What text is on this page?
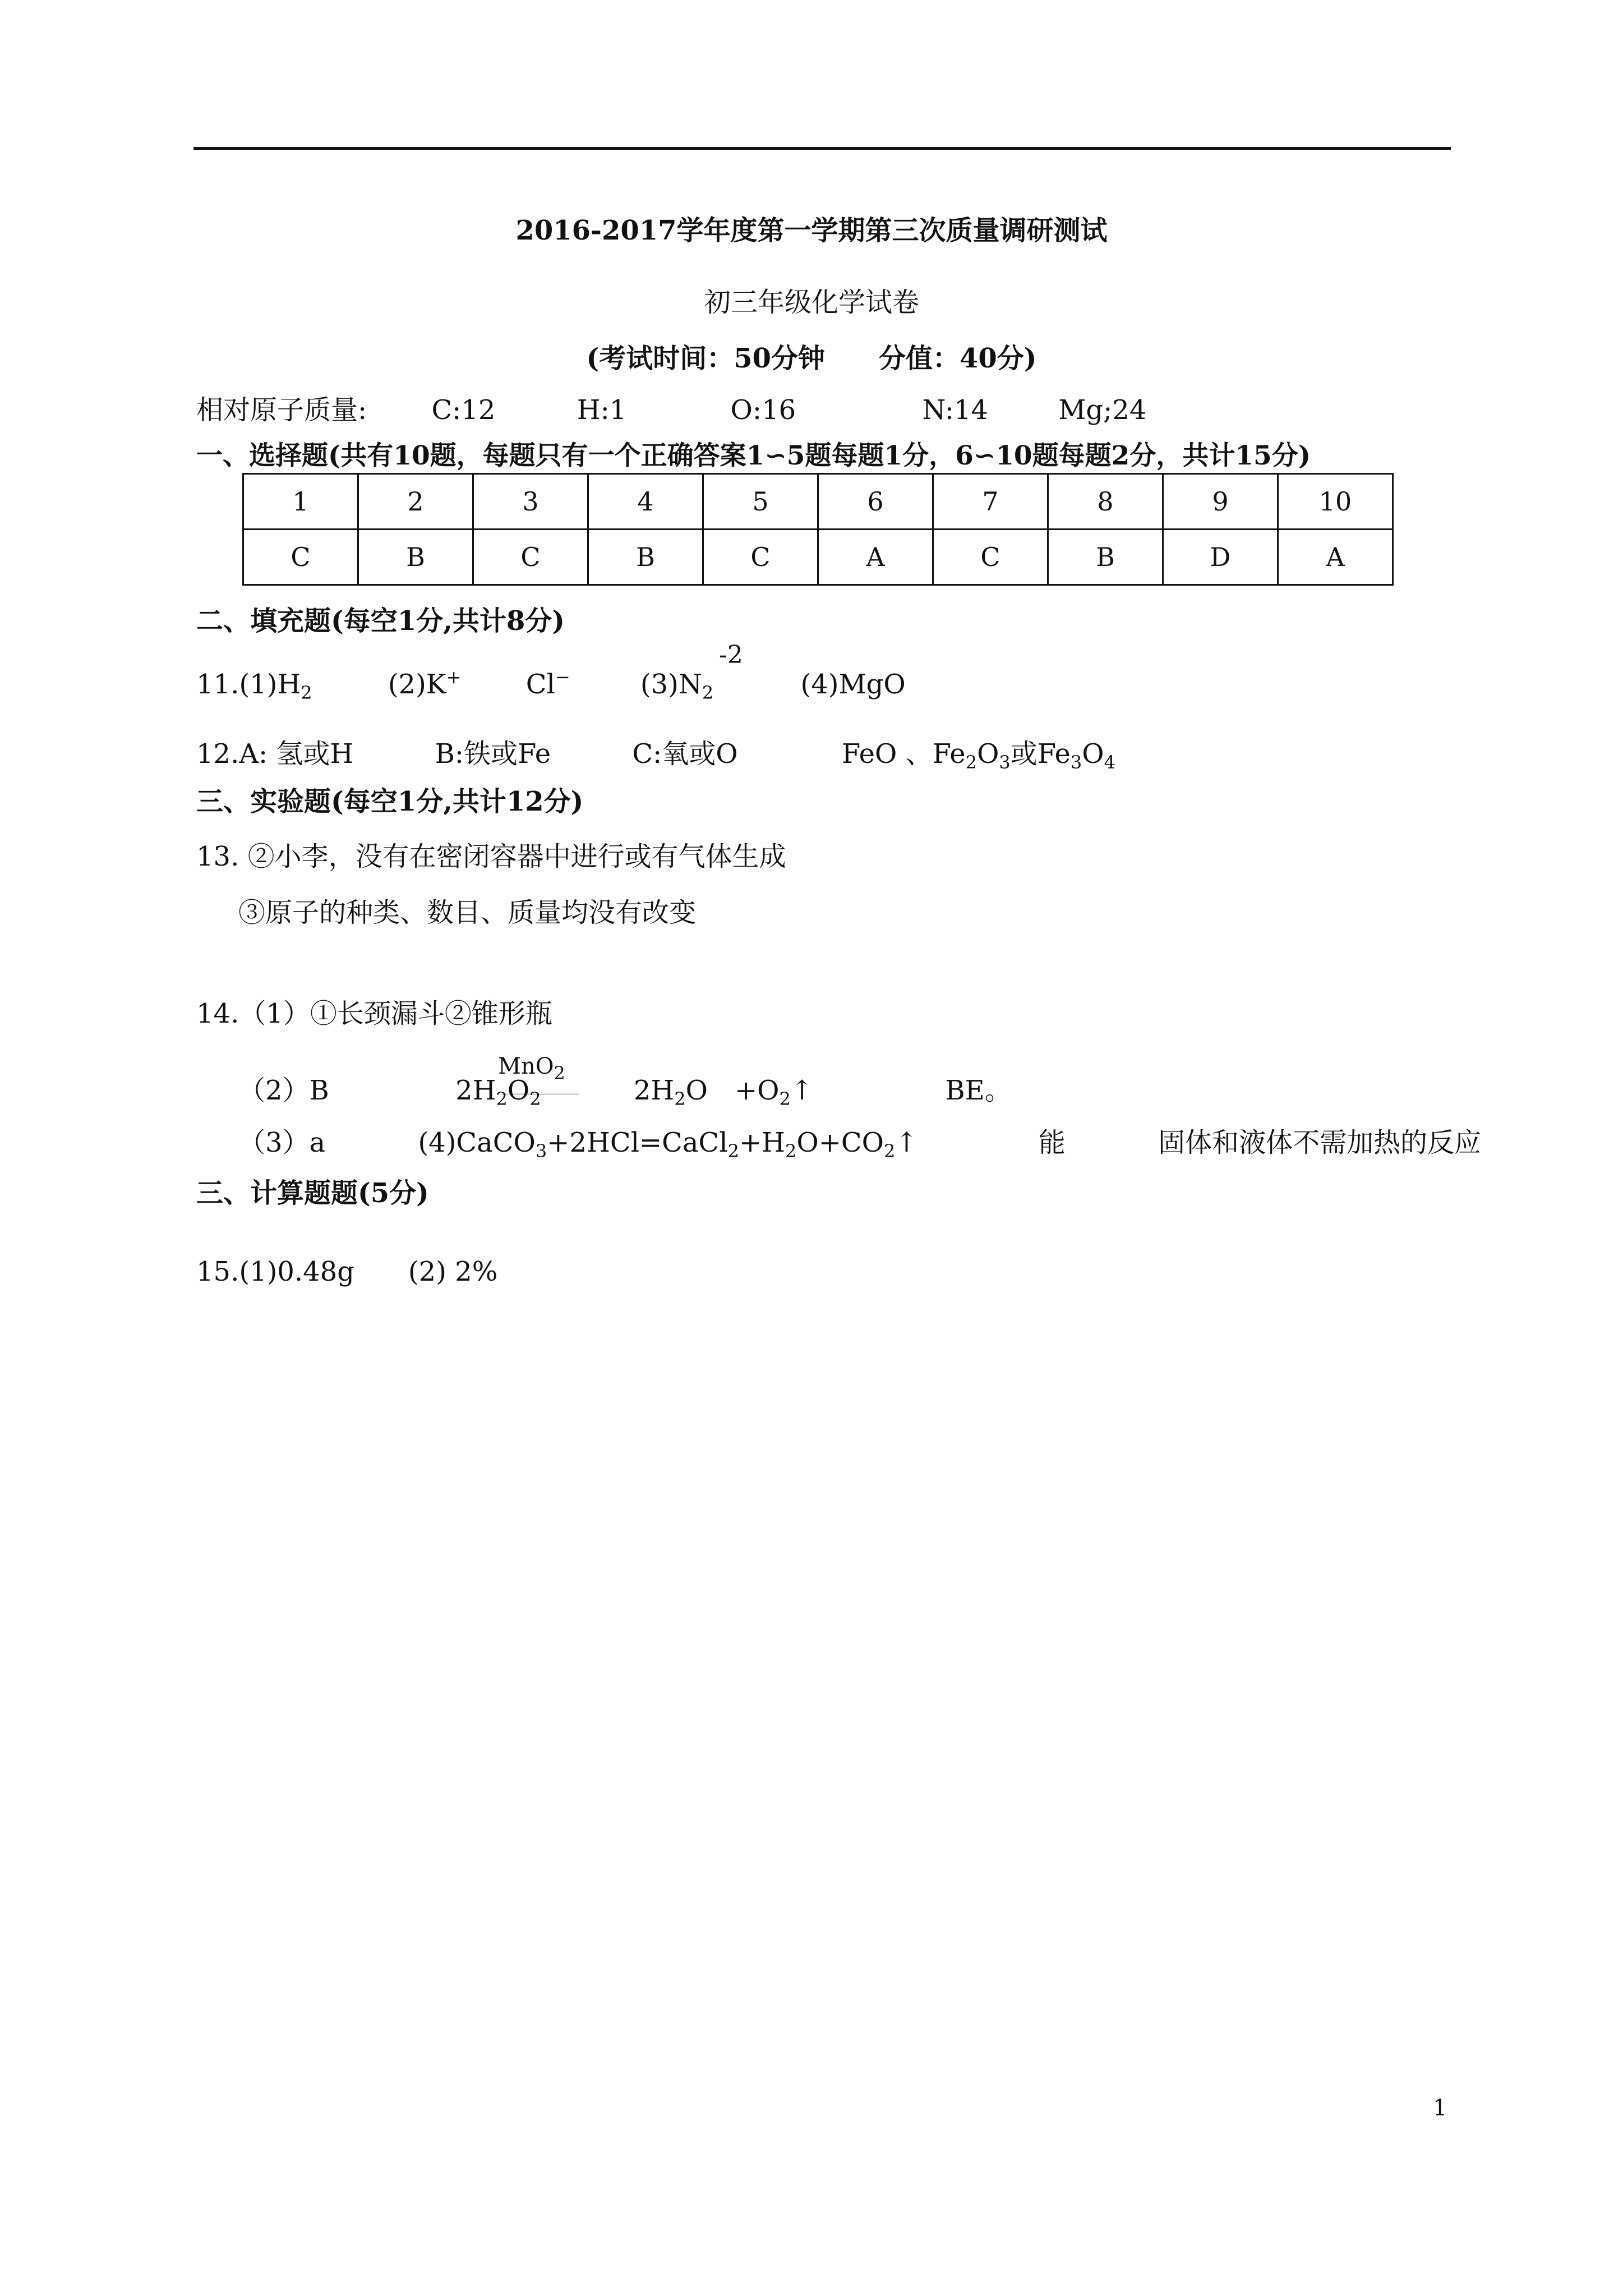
2016-2017学年度第一学期第三次质量调研测试
初三年级化学试卷
(考试时间：50分钟　　分值：40分)
相对原子质量: C:12	H:1	O:16	N:14	Mg;24
一、选择题(共有10题，每题只有一个正确答案1∽5题每题1分，6∽10题每题2分，共计15分)
1	2	3	4	5	6	7	8	9	10
C	B	C	B	C	A	C	B	D	A
二、填充题(每空1分,共计8分)
-2
$11.(1)H_2$	(2)K+ Cl−	$(3)N_2$	(4)MgO
12.A: 氢或H	B:铁或Fe	C:氧或O	FeO 、$Fe_2O_3$或$Fe_3O_4$
三、实验题(每空1分,共计12分)
13. ②小李，没有在密闭容器中进行或有气体生成
③原子的种类、数目、质量均没有改变
14.（1）①长颈漏斗②锥形瓶
MnO$_2$
（2）B	$2H_2O_2$	$2H_2O$　$+O_2↑$	BE。
（3）a	$(4)CaCO_3+2HCl=CaCl_2+H_2O+CO_2↑$	能	固体和液体不需加热的反应
三、计算题题(5分)
15.(1)0.48g　　(2) 2%
1
